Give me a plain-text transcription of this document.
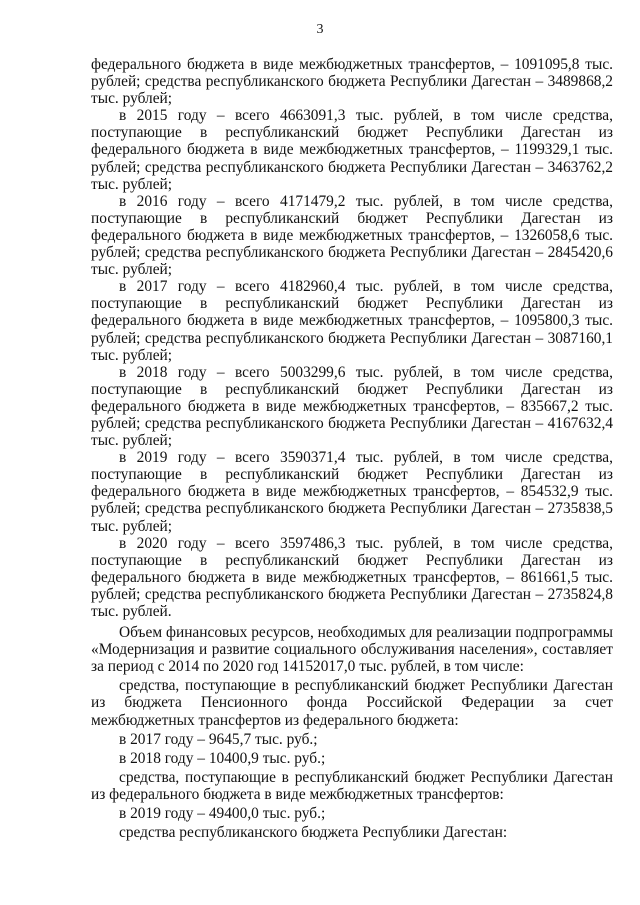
3
федерального бюджета в виде межбюджетных трансфертов, – 1091095,8 тыс. рублей; средства республиканского бюджета Республики Дагестан – 3489868,2 тыс. рублей;
в 2015 году – всего 4663091,3 тыс. рублей, в том числе средства, поступающие в республиканский бюджет Республики Дагестан из федерального бюджета в виде межбюджетных трансфертов, – 1199329,1 тыс. рублей; средства республиканского бюджета Республики Дагестан – 3463762,2 тыс. рублей;
в 2016 году – всего 4171479,2 тыс. рублей, в том числе средства, поступающие в республиканский бюджет Республики Дагестан из федерального бюджета в виде межбюджетных трансфертов, – 1326058,6 тыс. рублей; средства республиканского бюджета Республики Дагестан – 2845420,6 тыс. рублей;
в 2017 году – всего 4182960,4 тыс. рублей, в том числе средства, поступающие в республиканский бюджет Республики Дагестан из федерального бюджета в виде межбюджетных трансфертов, – 1095800,3 тыс. рублей; средства республиканского бюджета Республики Дагестан – 3087160,1 тыс. рублей;
в 2018 году – всего 5003299,6 тыс. рублей, в том числе средства, поступающие в республиканский бюджет Республики Дагестан из федерального бюджета в виде межбюджетных трансфертов, – 835667,2 тыс. рублей; средства республиканского бюджета Республики Дагестан – 4167632,4 тыс. рублей;
в 2019 году – всего 3590371,4 тыс. рублей, в том числе средства, поступающие в республиканский бюджет Республики Дагестан из федерального бюджета в виде межбюджетных трансфертов, – 854532,9 тыс. рублей; средства республиканского бюджета Республики Дагестан – 2735838,5 тыс. рублей;
в 2020 году – всего 3597486,3 тыс. рублей, в том числе средства, поступающие в республиканский бюджет Республики Дагестан из федерального бюджета в виде межбюджетных трансфертов, – 861661,5 тыс. рублей; средства республиканского бюджета Республики Дагестан – 2735824,8 тыс. рублей.
Объем финансовых ресурсов, необходимых для реализации подпрограммы «Модернизация и развитие социального обслуживания населения», составляет за период с 2014 по 2020 год 14152017,0 тыс. рублей, в том числе:
средства, поступающие в республиканский бюджет Республики Дагестан из бюджета Пенсионного фонда Российской Федерации за счет межбюджетных трансфертов из федерального бюджета:
в 2017 году – 9645,7 тыс. руб.;
в 2018 году – 10400,9 тыс. руб.;
средства, поступающие в республиканский бюджет Республики Дагестан из федерального бюджета в виде межбюджетных трансфертов:
в 2019 году – 49400,0 тыс. руб.;
средства республиканского бюджета Республики Дагестан:
